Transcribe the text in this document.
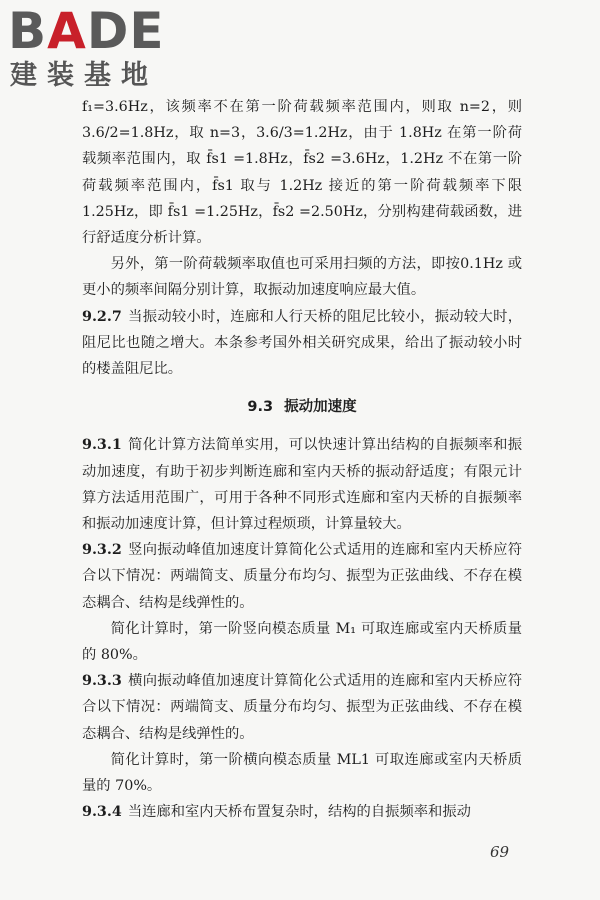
BADE
建装基地

f₁=3.6Hz，该频率不在第一阶荷载频率范围内，则取 n=2，则3.6/2=1.8Hz，取 n=3，3.6/3=1.2Hz，由于 1.8Hz 在第一阶荷载频率范围内，取 f̄s1 =1.8Hz，f̄s2 =3.6Hz，1.2Hz 不在第一阶荷载频率范围内，f̄s1 取与 1.2Hz 接近的第一阶荷载频率下限 1.25Hz，即 f̄s1 =1.25Hz，f̄s2 =2.50Hz，分别构建荷载函数，进行舒适度分析计算。

另外，第一阶荷载频率取值也可采用扫频的方法，即按0.1Hz 或更小的频率间隔分别计算，取振动加速度响应最大值。

9.2.7 当振动较小时，连廊和人行天桥的阻尼比较小，振动较大时，阻尼比也随之增大。本条参考国外相关研究成果，给出了振动较小时的楼盖阻尼比。

9.3 振动加速度

9.3.1 简化计算方法简单实用，可以快速计算出结构的自振频率和振动加速度，有助于初步判断连廊和室内天桥的振动舒适度；有限元计算方法适用范围广，可用于各种不同形式连廊和室内天桥的自振频率和振动加速度计算，但计算过程烦琐，计算量较大。

9.3.2 竖向振动峰值加速度计算简化公式适用的连廊和室内天桥应符合以下情况：两端简支、质量分布均匀、振型为正弦曲线、不存在模态耦合、结构是线弹性的。

简化计算时，第一阶竖向模态质量 M₁ 可取连廊或室内天桥质量的 80%。

9.3.3 横向振动峰值加速度计算简化公式适用的连廊和室内天桥应符合以下情况：两端简支、质量分布均匀、振型为正弦曲线、不存在模态耦合、结构是线弹性的。

简化计算时，第一阶横向模态质量 ML1 可取连廊或室内天桥质量的 70%。

9.3.4 当连廊和室内天桥布置复杂时，结构的自振频率和振动

69
